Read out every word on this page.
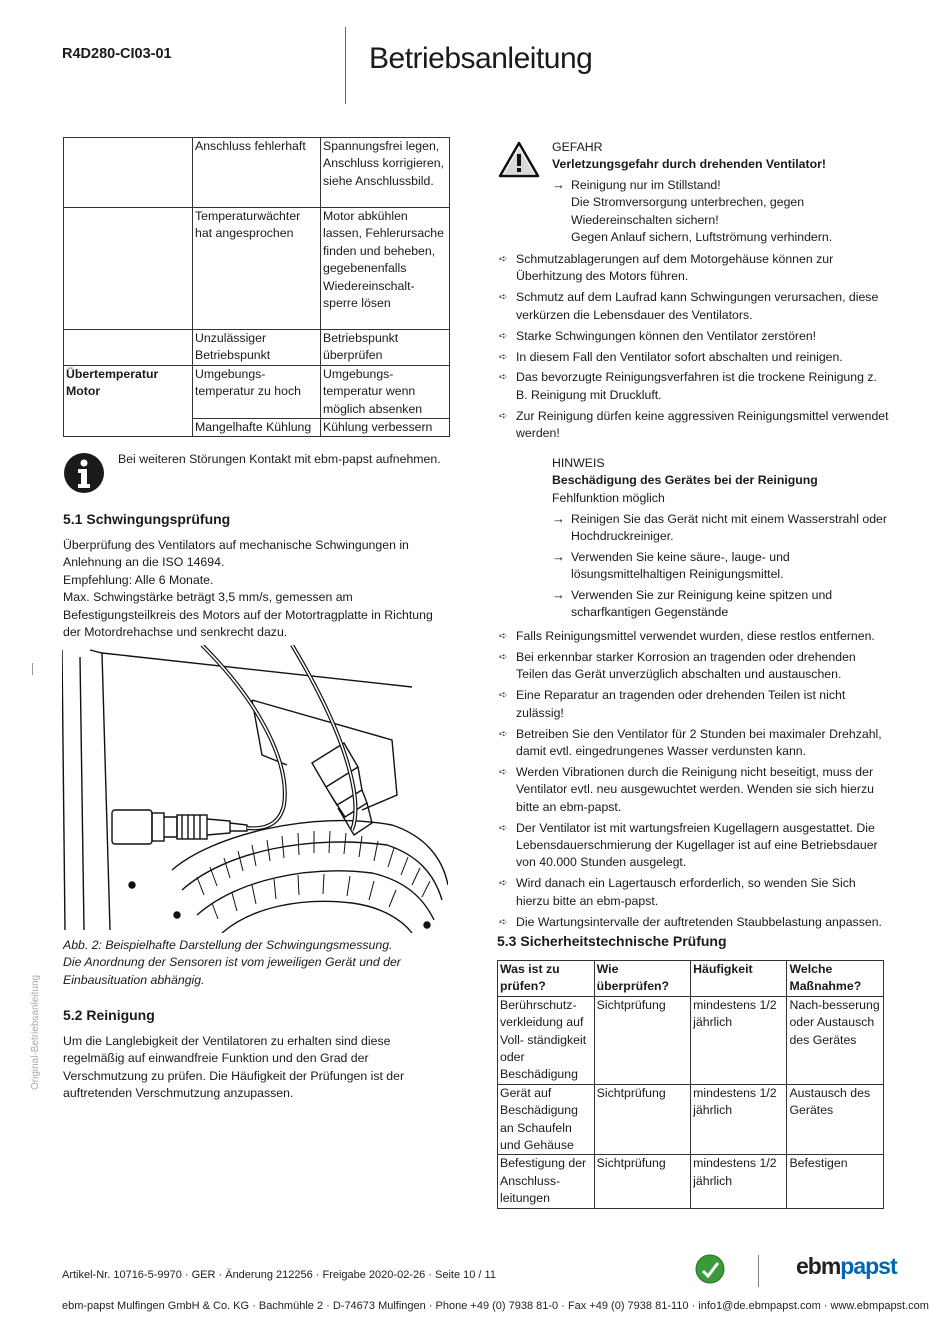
R4D280-CI03-01	Betriebsanleitung
Original-Betriebsanleitung
	Anschluss fehlerhaft	Spannungsfrei legen, Anschluss korrigieren, siehe Anschlussbild.
	Temperaturwächter hat angesprochen	Motor abkühlen lassen, Fehlerursache finden und beheben, gegebenenfalls Wiedereinschalt-sperre lösen
	Unzulässiger Betriebspunkt	Betriebspunkt überprüfen
Übertemperatur Motor	Umgebungs-temperatur zu hoch	Umgebungs-temperatur wenn möglich absenken
	Mangelhafte Kühlung	Kühlung verbessern
Bei weiteren Störungen Kontakt mit ebm-papst aufnehmen.
5.1 Schwingungsprüfung
Überprüfung des Ventilators auf mechanische Schwingungen in Anlehnung an die ISO 14694.
Empfehlung: Alle 6 Monate.
Max. Schwingstärke beträgt 3,5 mm/s, gemessen am Befestigungsteilkreis des Motors auf der Motortragplatte in Richtung der Motordrehachse und senkrecht dazu.
Abb. 2: Beispielhafte Darstellung der Schwingungsmessung.
Die Anordnung der Sensoren ist vom jeweiligen Gerät und der Einbausituation abhängig.
5.2 Reinigung
Um die Langlebigkeit der Ventilatoren zu erhalten sind diese regelmäßig auf einwandfreie Funktion und den Grad der Verschmutzung zu prüfen. Die Häufigkeit der Prüfungen ist der auftretenden Verschmutzung anzupassen.
GEFAHR
Verletzungsgefahr durch drehenden Ventilator!
→ Reinigung nur im Stillstand!
Die Stromversorgung unterbrechen, gegen Wiedereinschalten sichern!
Gegen Anlauf sichern, Luftströmung verhindern.
➪ Schmutzablagerungen auf dem Motorgehäuse können zur Überhitzung des Motors führen.
➪ Schmutz auf dem Laufrad kann Schwingungen verursachen, diese verkürzen die Lebensdauer des Ventilators.
➪ Starke Schwingungen können den Ventilator zerstören!
➪ In diesem Fall den Ventilator sofort abschalten und reinigen.
➪ Das bevorzugte Reinigungsverfahren ist die trockene Reinigung z. B. Reinigung mit Druckluft.
➪ Zur Reinigung dürfen keine aggressiven Reinigungsmittel verwendet werden!
HINWEIS
Beschädigung des Gerätes bei der Reinigung
Fehlfunktion möglich
→ Reinigen Sie das Gerät nicht mit einem Wasserstrahl oder Hochdruckreiniger.
→ Verwenden Sie keine säure-, lauge- und lösungsmittelhaltigen Reinigungsmittel.
→ Verwenden Sie zur Reinigung keine spitzen und scharfkantigen Gegenstände
➪ Falls Reinigungsmittel verwendet wurden, diese restlos entfernen.
➪ Bei erkennbar starker Korrosion an tragenden oder drehenden Teilen das Gerät unverzüglich abschalten und austauschen.
➪ Eine Reparatur an tragenden oder drehenden Teilen ist nicht zulässig!
➪ Betreiben Sie den Ventilator für 2 Stunden bei maximaler Drehzahl, damit evtl. eingedrungenes Wasser verdunsten kann.
➪ Werden Vibrationen durch die Reinigung nicht beseitigt, muss der Ventilator evtl. neu ausgewuchtet werden. Wenden sie sich hierzu bitte an ebm-papst.
➪ Der Ventilator ist mit wartungsfreien Kugellagern ausgestattet. Die Lebensdauerschmierung der Kugellager ist auf eine Betriebsdauer von 40.000 Stunden ausgelegt.
➪ Wird danach ein Lagertausch erforderlich, so wenden Sie Sich hierzu bitte an ebm-papst.
➪ Die Wartungsintervalle der auftretenden Staubbelastung anpassen.
5.3 Sicherheitstechnische Prüfung
Was ist zu prüfen?	Wie überprüfen?	Häufigkeit	Welche Maßnahme?
Berührschutz-verkleidung auf Voll- ständigkeit oder Beschädigung	Sichtprüfung	mindestens 1/2 jährlich	Nach-besserung oder Austausch des Gerätes
Gerät auf Beschädigung an Schaufeln und Gehäuse	Sichtprüfung	mindestens 1/2 jährlich	Austausch des Gerätes
Befestigung der Anschluss-leitungen	Sichtprüfung	mindestens 1/2 jährlich	Befestigen
Artikel-Nr. 10716-5-9970 · GER · Änderung 212256 · Freigabe 2020-02-26 · Seite 10 / 11	ebmpapst
ebm-papst Mulfingen GmbH & Co. KG · Bachmühle 2 · D-74673 Mulfingen · Phone +49 (0) 7938 81-0 · Fax +49 (0) 7938 81-110 · info1@de.ebmpapst.com · www.ebmpapst.com
